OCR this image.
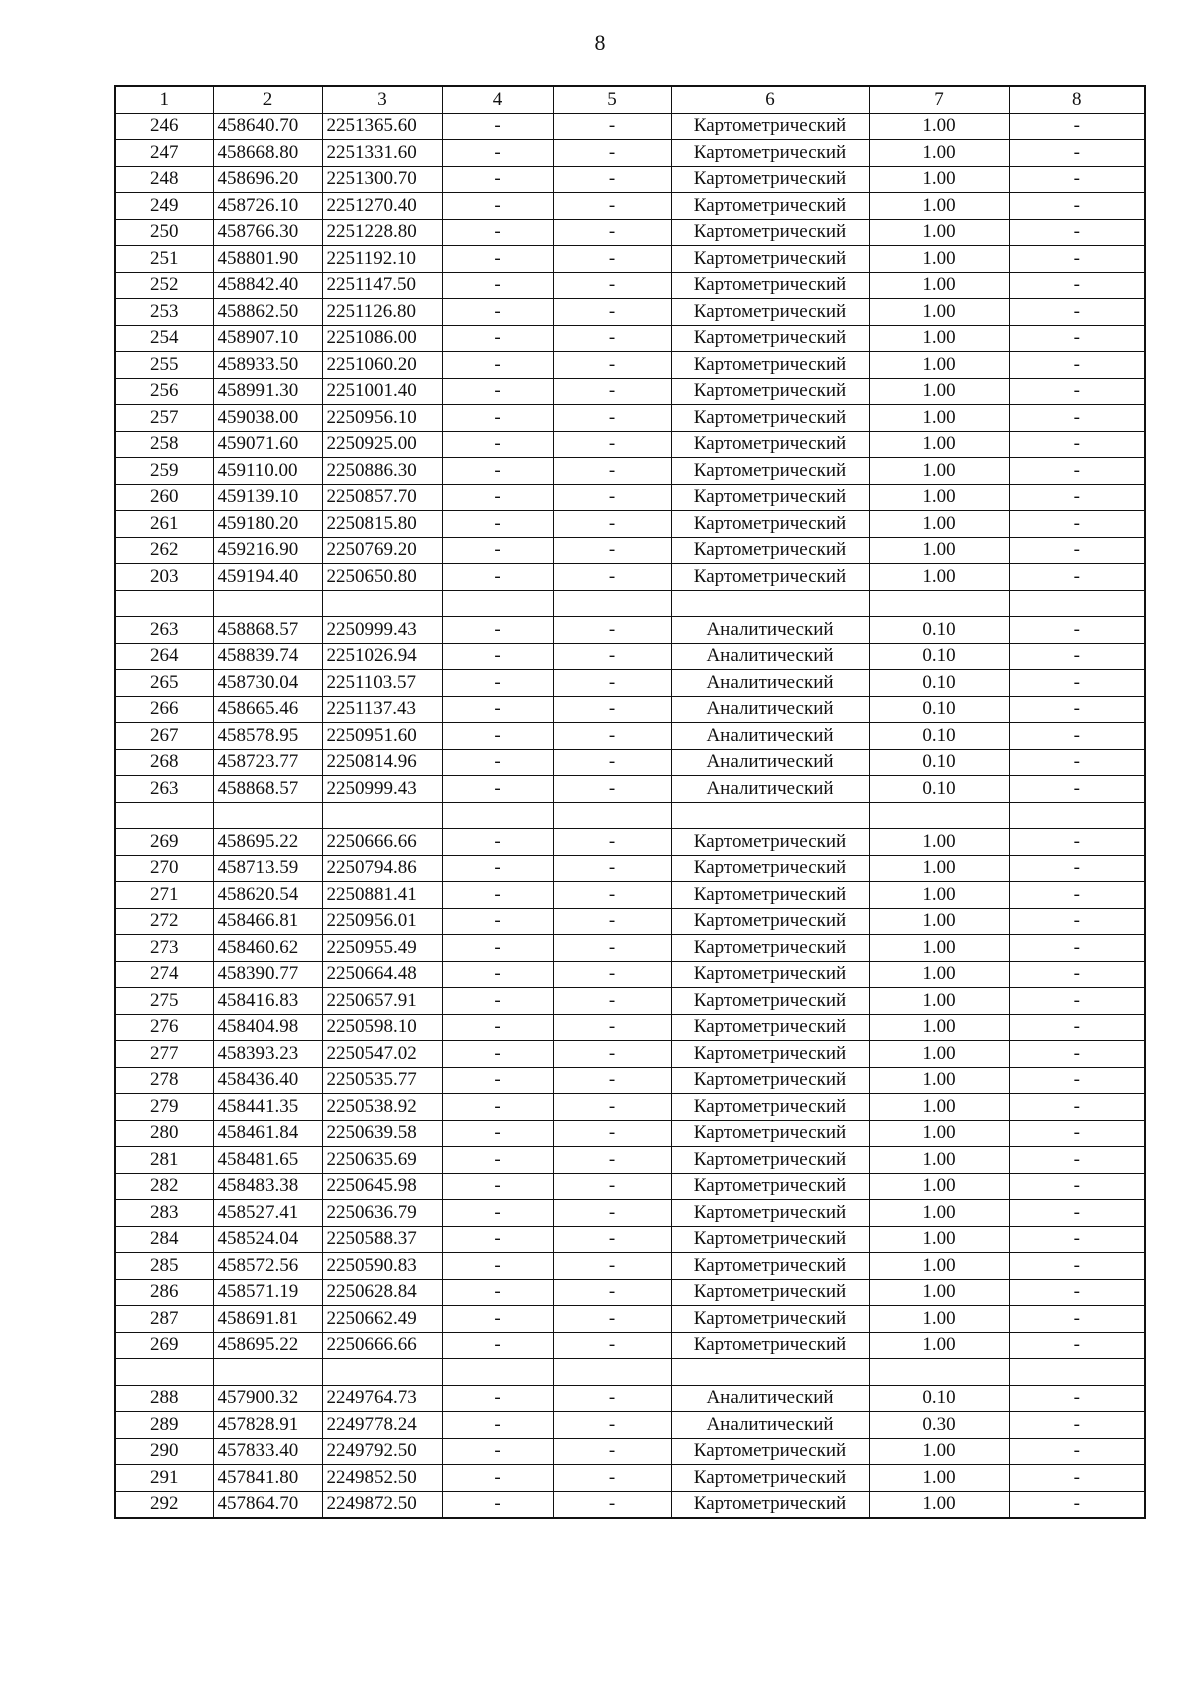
8
1	2	3	4	5	6	7	8
246	458640.70	2251365.60	-	-	Картометрический	1.00	-
247	458668.80	2251331.60	-	-	Картометрический	1.00	-
248	458696.20	2251300.70	-	-	Картометрический	1.00	-
249	458726.10	2251270.40	-	-	Картометрический	1.00	-
250	458766.30	2251228.80	-	-	Картометрический	1.00	-
251	458801.90	2251192.10	-	-	Картометрический	1.00	-
252	458842.40	2251147.50	-	-	Картометрический	1.00	-
253	458862.50	2251126.80	-	-	Картометрический	1.00	-
254	458907.10	2251086.00	-	-	Картометрический	1.00	-
255	458933.50	2251060.20	-	-	Картометрический	1.00	-
256	458991.30	2251001.40	-	-	Картометрический	1.00	-
257	459038.00	2250956.10	-	-	Картометрический	1.00	-
258	459071.60	2250925.00	-	-	Картометрический	1.00	-
259	459110.00	2250886.30	-	-	Картометрический	1.00	-
260	459139.10	2250857.70	-	-	Картометрический	1.00	-
261	459180.20	2250815.80	-	-	Картометрический	1.00	-
262	459216.90	2250769.20	-	-	Картометрический	1.00	-
203	459194.40	2250650.80	-	-	Картометрический	1.00	-

263	458868.57	2250999.43	-	-	Аналитический	0.10	-
264	458839.74	2251026.94	-	-	Аналитический	0.10	-
265	458730.04	2251103.57	-	-	Аналитический	0.10	-
266	458665.46	2251137.43	-	-	Аналитический	0.10	-
267	458578.95	2250951.60	-	-	Аналитический	0.10	-
268	458723.77	2250814.96	-	-	Аналитический	0.10	-
263	458868.57	2250999.43	-	-	Аналитический	0.10	-

269	458695.22	2250666.66	-	-	Картометрический	1.00	-
270	458713.59	2250794.86	-	-	Картометрический	1.00	-
271	458620.54	2250881.41	-	-	Картометрический	1.00	-
272	458466.81	2250956.01	-	-	Картометрический	1.00	-
273	458460.62	2250955.49	-	-	Картометрический	1.00	-
274	458390.77	2250664.48	-	-	Картометрический	1.00	-
275	458416.83	2250657.91	-	-	Картометрический	1.00	-
276	458404.98	2250598.10	-	-	Картометрический	1.00	-
277	458393.23	2250547.02	-	-	Картометрический	1.00	-
278	458436.40	2250535.77	-	-	Картометрический	1.00	-
279	458441.35	2250538.92	-	-	Картометрический	1.00	-
280	458461.84	2250639.58	-	-	Картометрический	1.00	-
281	458481.65	2250635.69	-	-	Картометрический	1.00	-
282	458483.38	2250645.98	-	-	Картометрический	1.00	-
283	458527.41	2250636.79	-	-	Картометрический	1.00	-
284	458524.04	2250588.37	-	-	Картометрический	1.00	-
285	458572.56	2250590.83	-	-	Картометрический	1.00	-
286	458571.19	2250628.84	-	-	Картометрический	1.00	-
287	458691.81	2250662.49	-	-	Картометрический	1.00	-
269	458695.22	2250666.66	-	-	Картометрический	1.00	-

288	457900.32	2249764.73	-	-	Аналитический	0.10	-
289	457828.91	2249778.24	-	-	Аналитический	0.30	-
290	457833.40	2249792.50	-	-	Картометрический	1.00	-
291	457841.80	2249852.50	-	-	Картометрический	1.00	-
292	457864.70	2249872.50	-	-	Картометрический	1.00	-
